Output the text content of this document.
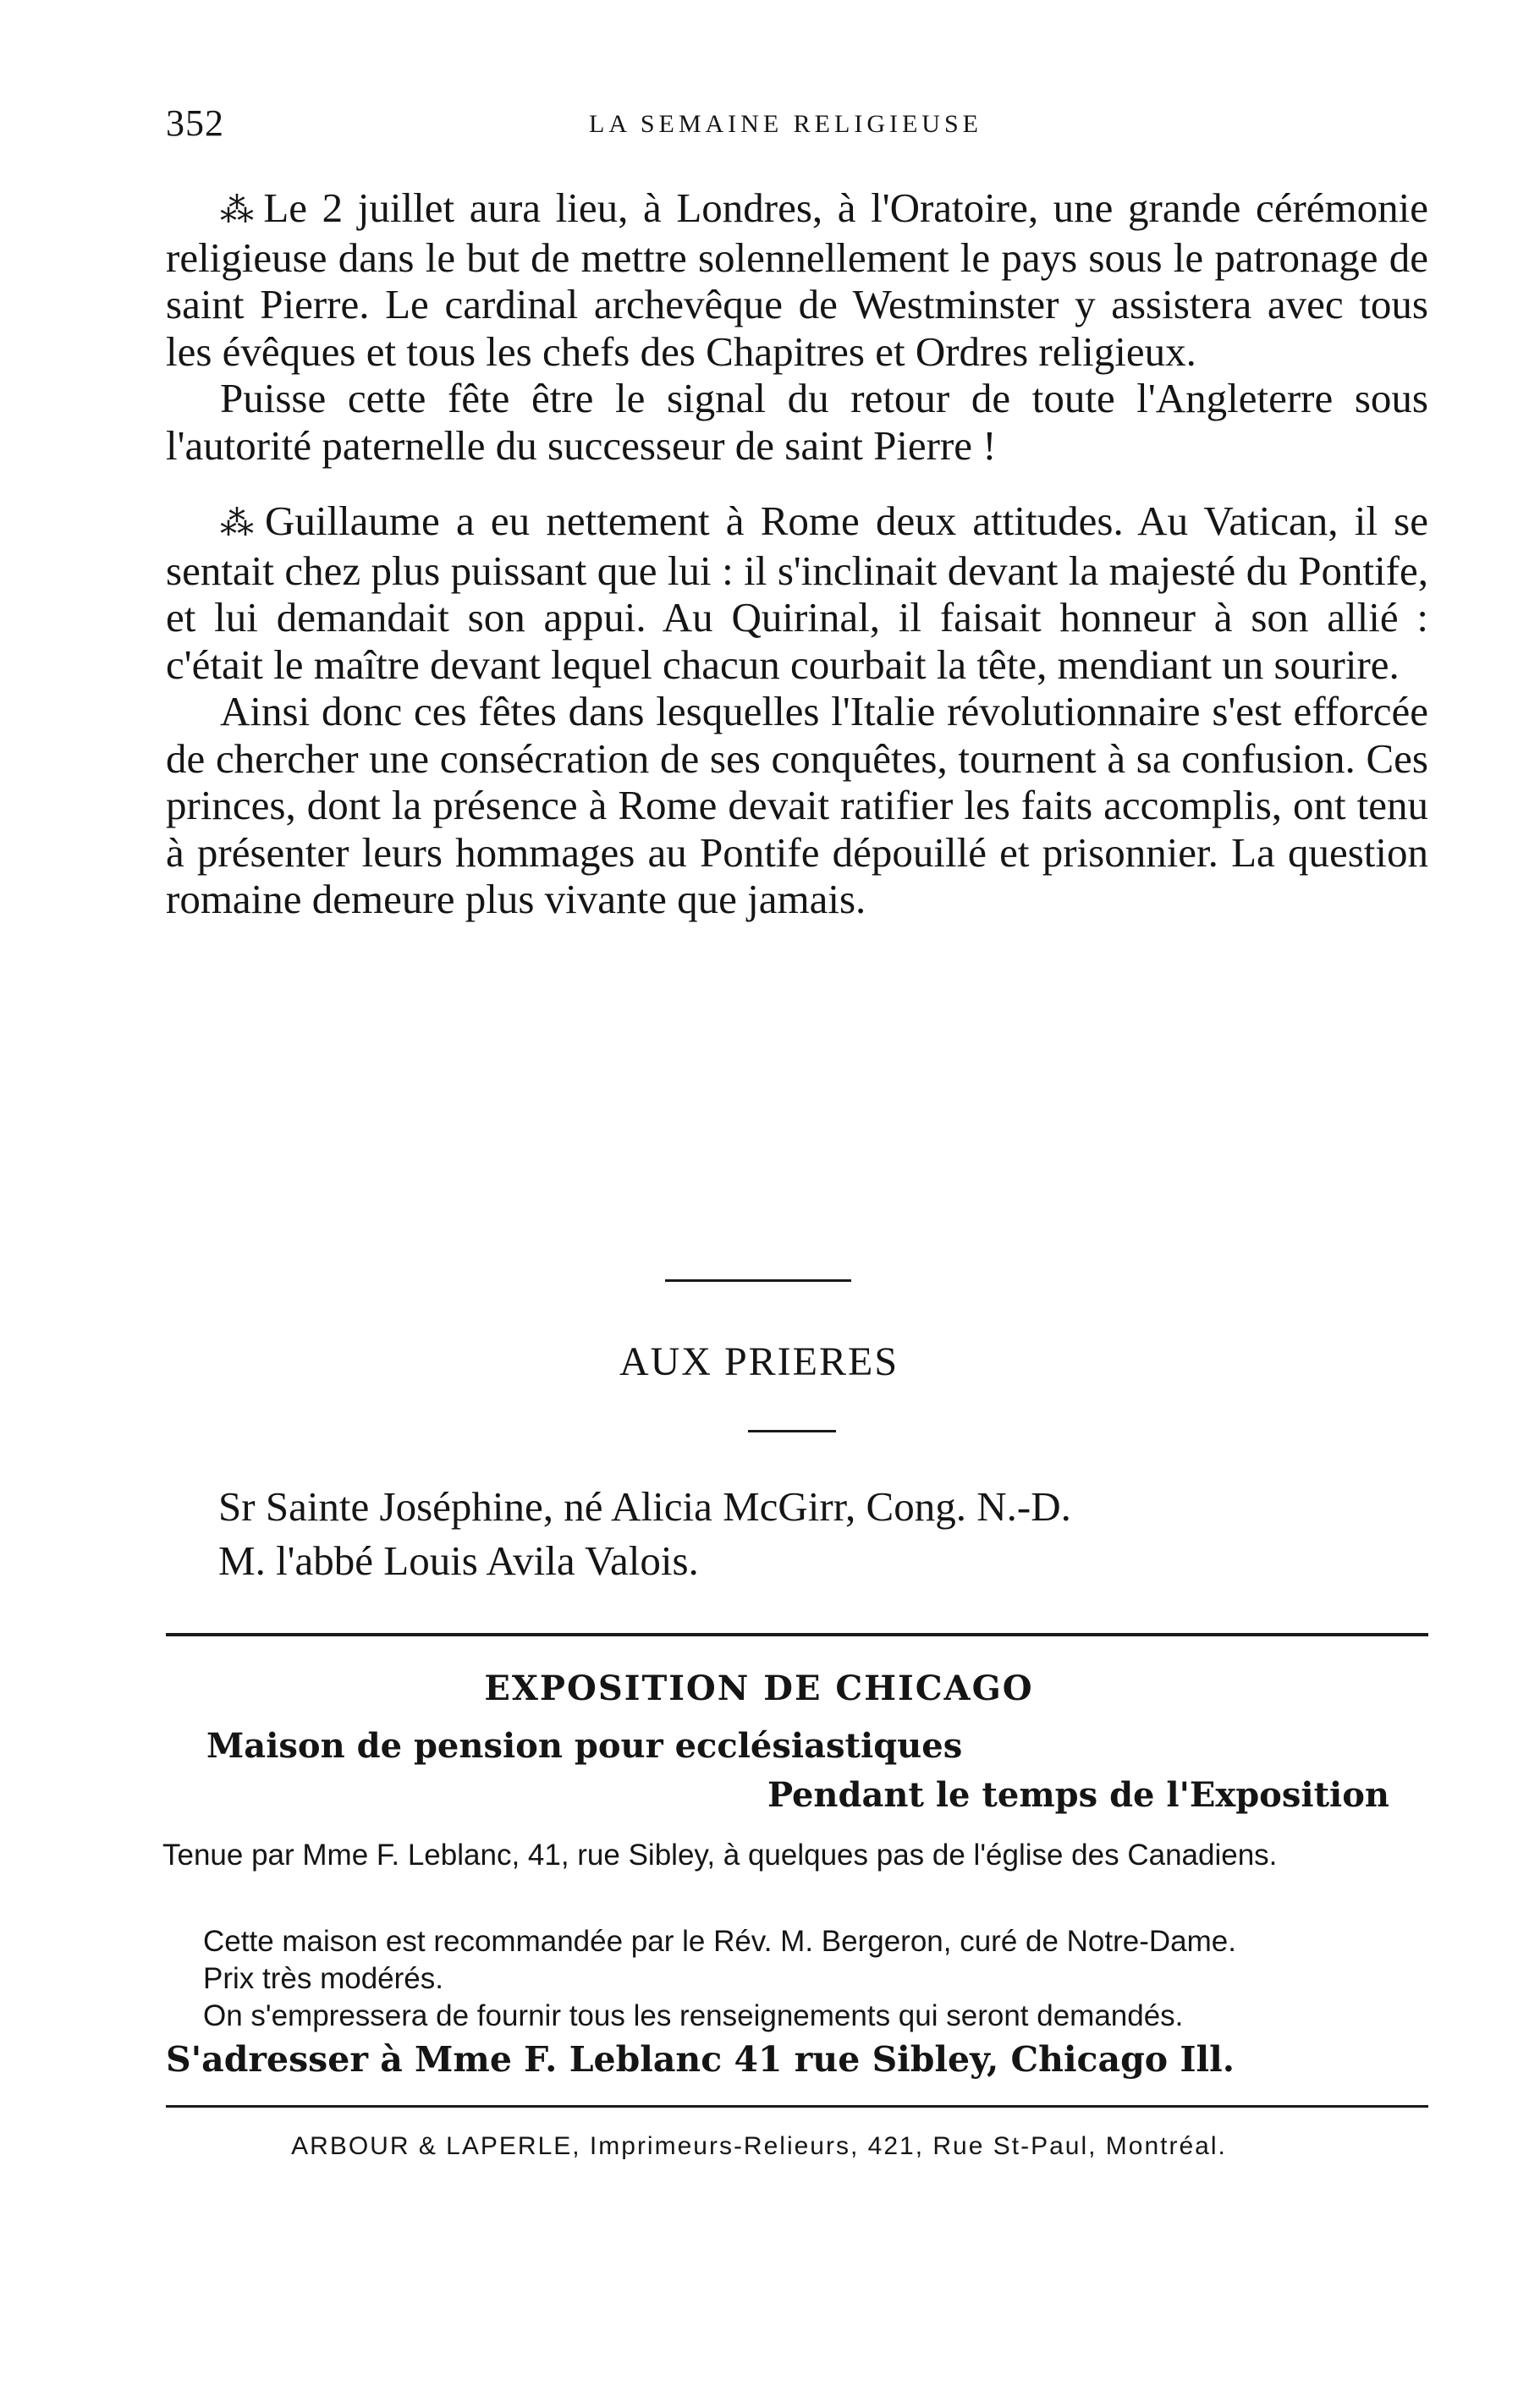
352	LA SEMAINE RELIGIEUSE

⁂ Le 2 juillet aura lieu, à Londres, à l'Oratoire, une grande cérémonie religieuse dans le but de mettre solennellement le pays sous le patronage de saint Pierre. Le cardinal archevêque de Westminster y assistera avec tous les évêques et tous les chefs des Chapitres et Ordres religieux.

Puisse cette fête être le signal du retour de toute l'Angleterre sous l'autorité paternelle du successeur de saint Pierre !

⁂ Guillaume a eu nettement à Rome deux attitudes. Au Vatican, il se sentait chez plus puissant que lui : il s'inclinait devant la majesté du Pontife, et lui demandait son appui. Au Quirinal, il faisait honneur à son allié : c'était le maître devant lequel chacun courbait la tête, mendiant un sourire.

Ainsi donc ces fêtes dans lesquelles l'Italie révolutionnaire s'est efforcée de chercher une consécration de ses conquêtes, tournent à sa confusion. Ces princes, dont la présence à Rome devait ratifier les faits accomplis, ont tenu à présenter leurs hommages au Pontife dépouillé et prisonnier. La question romaine demeure plus vivante que jamais.

AUX PRIERES
Sr Sainte Joséphine, né Alicia McGirr, Cong. N.-D.
M. l'abbé Louis Avila Valois.
EXPOSITION DE CHICAGO
Maison de pension pour ecclésiastiques
Pendant le temps de l'Exposition
Tenue par Mme F. Leblanc, 41, rue Sibley, à quelques pas de l'église des Canadiens.
Cette maison est recommandée par le Rév. M. Bergeron, curé de Notre-Dame.
Prix très modérés.
On s'empressera de fournir tous les renseignements qui seront demandés.
S'adresser à Mme F. Leblanc 41 rue Sibley, Chicago Ill.
ARBOUR & LAPERLE, Imprimeurs-Relieurs, 421, Rue St-Paul, Montréal.
